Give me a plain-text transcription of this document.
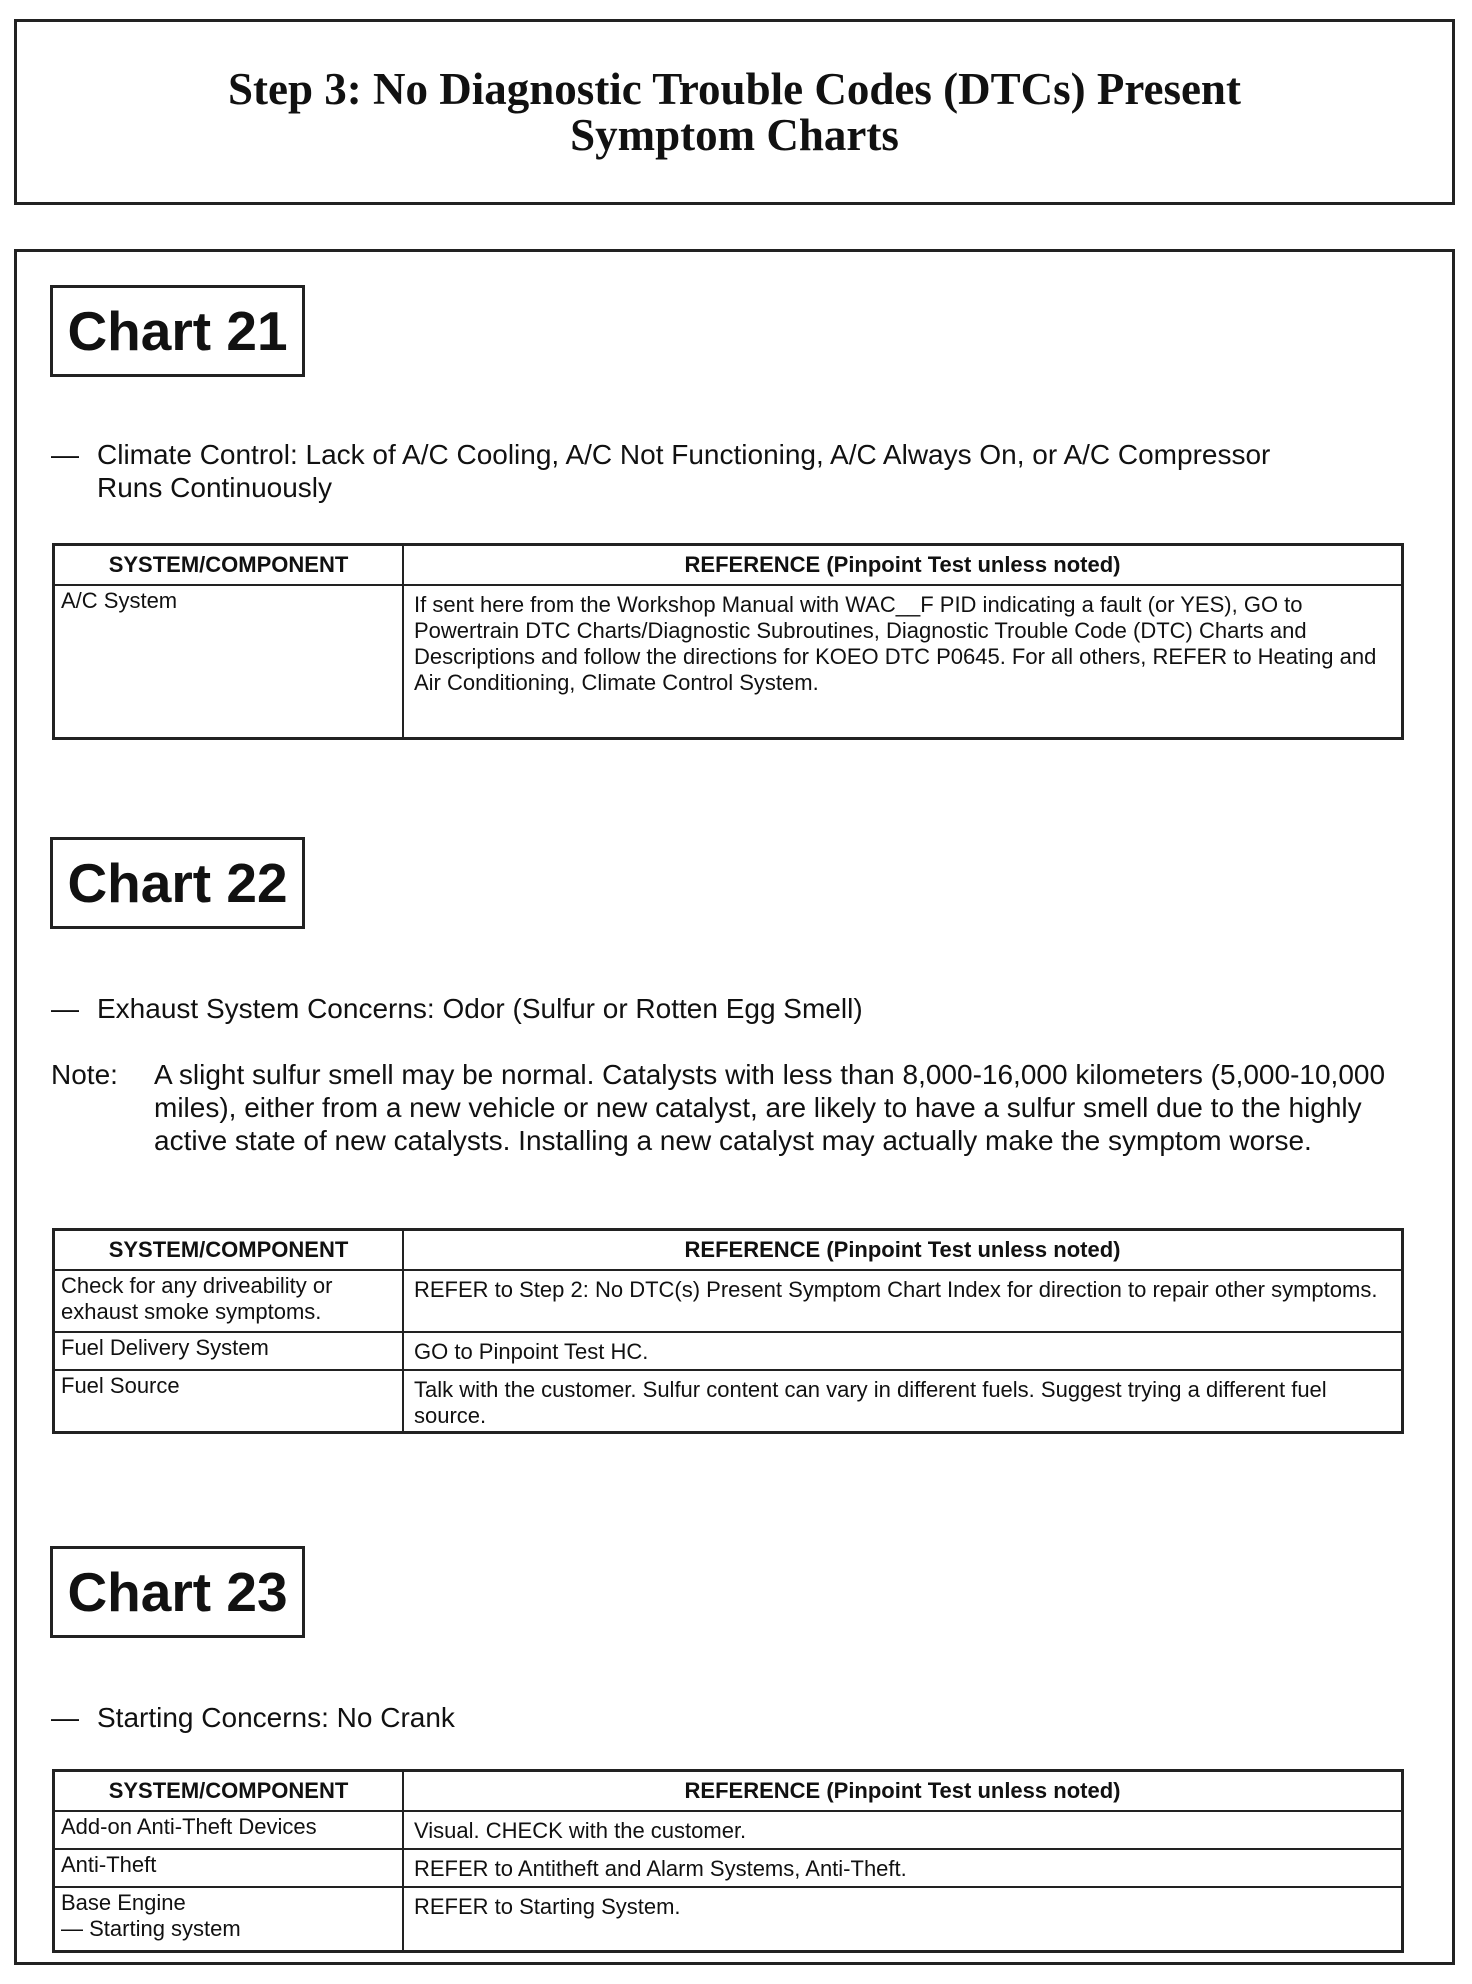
Step 3: No Diagnostic Trouble Codes (DTCs) Present
Symptom Charts
Chart 21
— Climate Control: Lack of A/C Cooling, A/C Not Functioning, A/C Always On, or A/C Compressor
Runs Continuously
SYSTEM/COMPONENT	REFERENCE (Pinpoint Test unless noted)
A/C System	If sent here from the Workshop Manual with WAC__F PID indicating a fault (or YES), GO to Powertrain DTC Charts/Diagnostic Subroutines, Diagnostic Trouble Code (DTC) Charts and Descriptions and follow the directions for KOEO DTC P0645. For all others, REFER to Heating and Air Conditioning, Climate Control System.
Chart 22
— Exhaust System Concerns: Odor (Sulfur or Rotten Egg Smell)
Note:	A slight sulfur smell may be normal. Catalysts with less than 8,000-16,000 kilometers (5,000-10,000 miles), either from a new vehicle or new catalyst, are likely to have a sulfur smell due to the highly active state of new catalysts. Installing a new catalyst may actually make the symptom worse.
SYSTEM/COMPONENT	REFERENCE (Pinpoint Test unless noted)
Check for any driveability or exhaust smoke symptoms.	REFER to Step 2: No DTC(s) Present Symptom Chart Index for direction to repair other symptoms.
Fuel Delivery System	GO to Pinpoint Test HC.
Fuel Source	Talk with the customer. Sulfur content can vary in different fuels. Suggest trying a different fuel source.
Chart 23
— Starting Concerns: No Crank
SYSTEM/COMPONENT	REFERENCE (Pinpoint Test unless noted)
Add-on Anti-Theft Devices	Visual. CHECK with the customer.
Anti-Theft	REFER to Antitheft and Alarm Systems, Anti-Theft.

Base Engine
— Starting system	REFER to Starting System.
